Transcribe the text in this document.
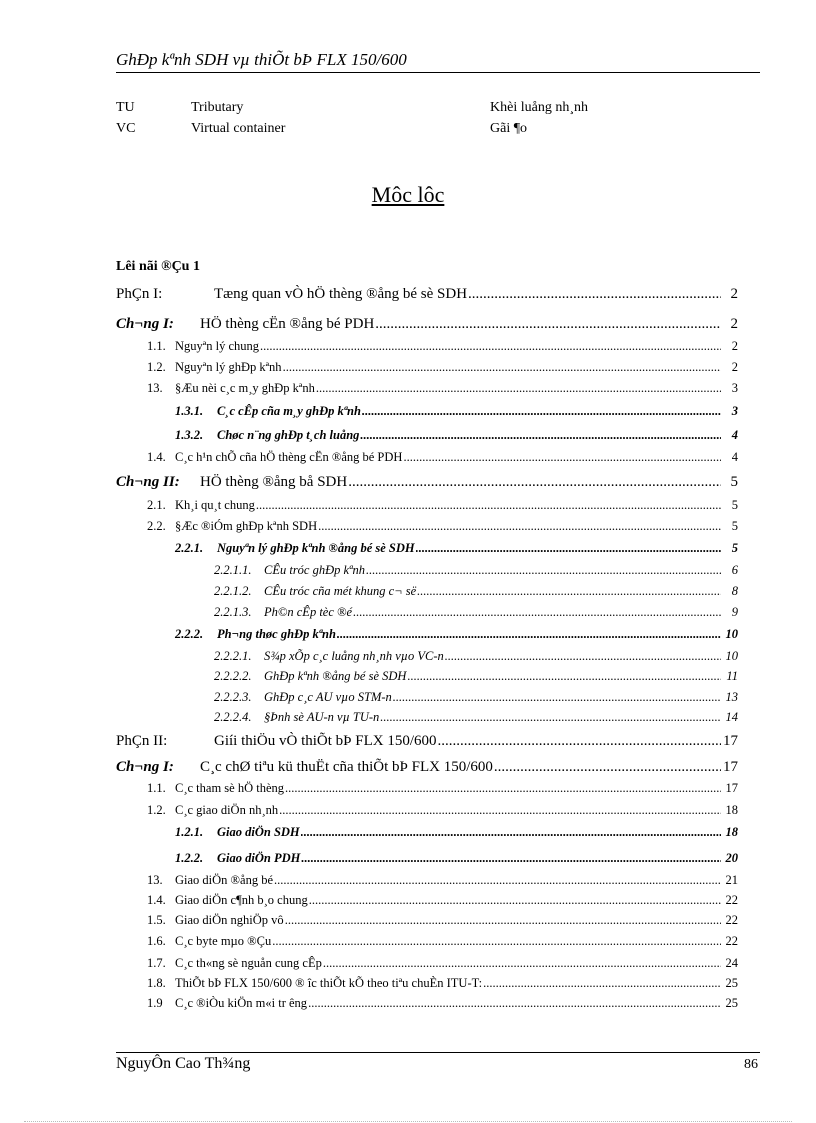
GhÐp kªnh SDH vµ thiÕt bÞ FLX 150/600
TU	Tributary	Khèi luång nh¸nh
VC	Virtual container	Gãi ¶o
Môc lôc
Lêi nãi ®Çu 1
PhÇn I:	Tæng quan vÒ hÖ thèng ®ång bé sè SDH .....	2
Ch¬ng I:	HÖ thèng cËn ®ång bé PDH .....	2
1.1. Nguyªn lý chung .....	2
1.2. Nguyªn lý ghÐp kªnh .....	2
13. §Æu nèi c¸c m¸y ghÐp kªnh .....	3
1.3.1.	C¸c cÊp cña m¸y ghÐp kªnh .....	3
1.3.2.	Chøc n¨ng ghÐp t¸ch luång .....	4
1.4. C¸c h¹n chÕ cña hÖ thèng cËn ®ång bé PDH .....	4
Ch¬ng II:	HÖ thèng ®ång bå SDH .....	5
2.1. Kh¸i qu¸t chung .....	5
2.2. §Æc ®iÓm ghÐp kªnh SDH .....	5
2.2.1.	Nguyªn lý ghÐp kªnh ®ång bé sè SDH .....	5
2.2.1.1.	CÊu tróc ghÐp kªnh .....	6
2.2.1.2.	CÊu tróc cña mét khung c¬ së .....	8
2.2.1.3.	Ph©n cÊp tèc ®é .....	9
2.2.2.	Ph¬ng thøc ghÐp kªnh .....	10
2.2.2.1.	S¾p xÕp c¸c luång nh¸nh vµo VC-n .....	10
2.2.2.2.	GhÐp kªnh ®ång bé sè SDH .....	11
2.2.2.3.	GhÐp c¸c AU vµo STM-n .....	13
2.2.2.4.	§Þnh sè AU-n vµ TU-n .....	14
PhÇn II:	Giíi thiÖu vÒ thiÕt bÞ FLX 150/600 .....	17
Ch¬ng I:	C¸c chØ tiªu kü thuËt cña thiÕt bÞ FLX 150/600 .....	17
1.1. C¸c tham sè hÖ thèng .....	17
1.2. C¸c giao diÖn nh¸nh .....	18
1.2.1.	Giao diÖn SDH .....	18
1.2.2.	Giao diÖn PDH .....	20
13. Giao diÖn ®ång bé .....	21
1.4. Giao diÖn c¶nh b¸o chung .....	22
1.5. Giao diÖn nghiÖp vô .....	22
1.6. C¸c byte mµo ®Çu .....	22
1.7. C¸c th«ng sè nguån cung cÊp .....	24
1.8. ThiÕt bÞ FLX 150/600 ® îc thiÕt kÕ theo tiªu chuÈn ITU-T: .....	25
1.9 C¸c ®iÒu kiÖn m«i tr êng .....	25
NguyÔn Cao Th¾ng	86
